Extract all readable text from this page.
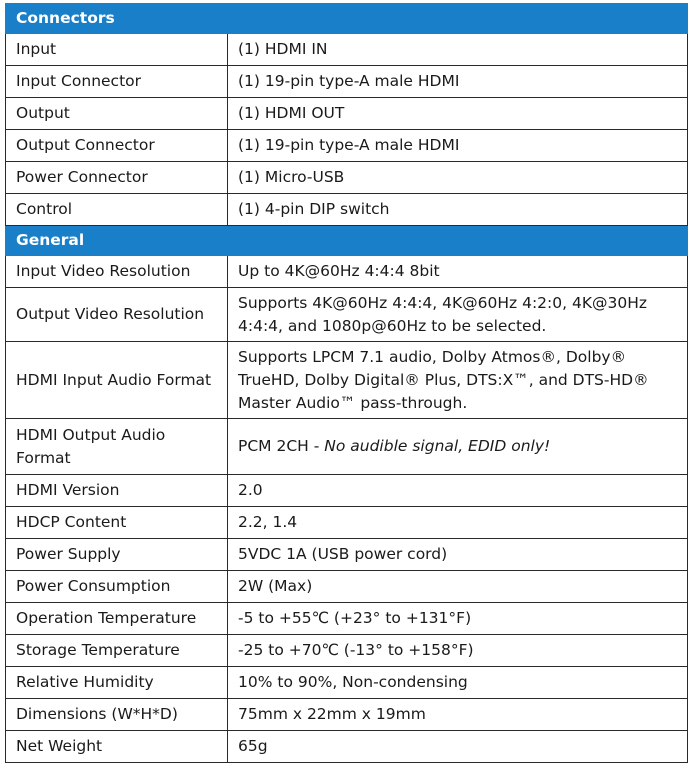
Connectors	
Input	(1) HDMI IN
Input Connector	(1) 19-pin type-A male HDMI
Output	(1) HDMI OUT
Output Connector	(1) 19-pin type-A male HDMI
Power Connector	(1) Micro-USB
Control	(1) 4-pin DIP switch
General	
Input Video Resolution	Up to 4K@60Hz 4:4:4 8bit
Output Video Resolution	Supports 4K@60Hz 4:4:4, 4K@60Hz 4:2:0, 4K@30Hz 4:4:4, and 1080p@60Hz to be selected.
HDMI Input Audio Format	Supports LPCM 7.1 audio, Dolby Atmos®, Dolby® TrueHD, Dolby Digital® Plus, DTS:X™, and DTS-HD® Master Audio™ pass-through.
HDMI Output Audio Format	PCM 2CH - No audible signal, EDID only!
HDMI Version	2.0
HDCP Content	2.2, 1.4
Power Supply	5VDC 1A (USB power cord)
Power Consumption	2W (Max)
Operation Temperature	-5 to +55℃ (+23° to +131°F)
Storage Temperature	-25 to +70℃ (-13° to +158°F)
Relative Humidity	10% to 90%, Non-condensing
Dimensions (W*H*D)	75mm x 22mm x 19mm
Net Weight	65g
